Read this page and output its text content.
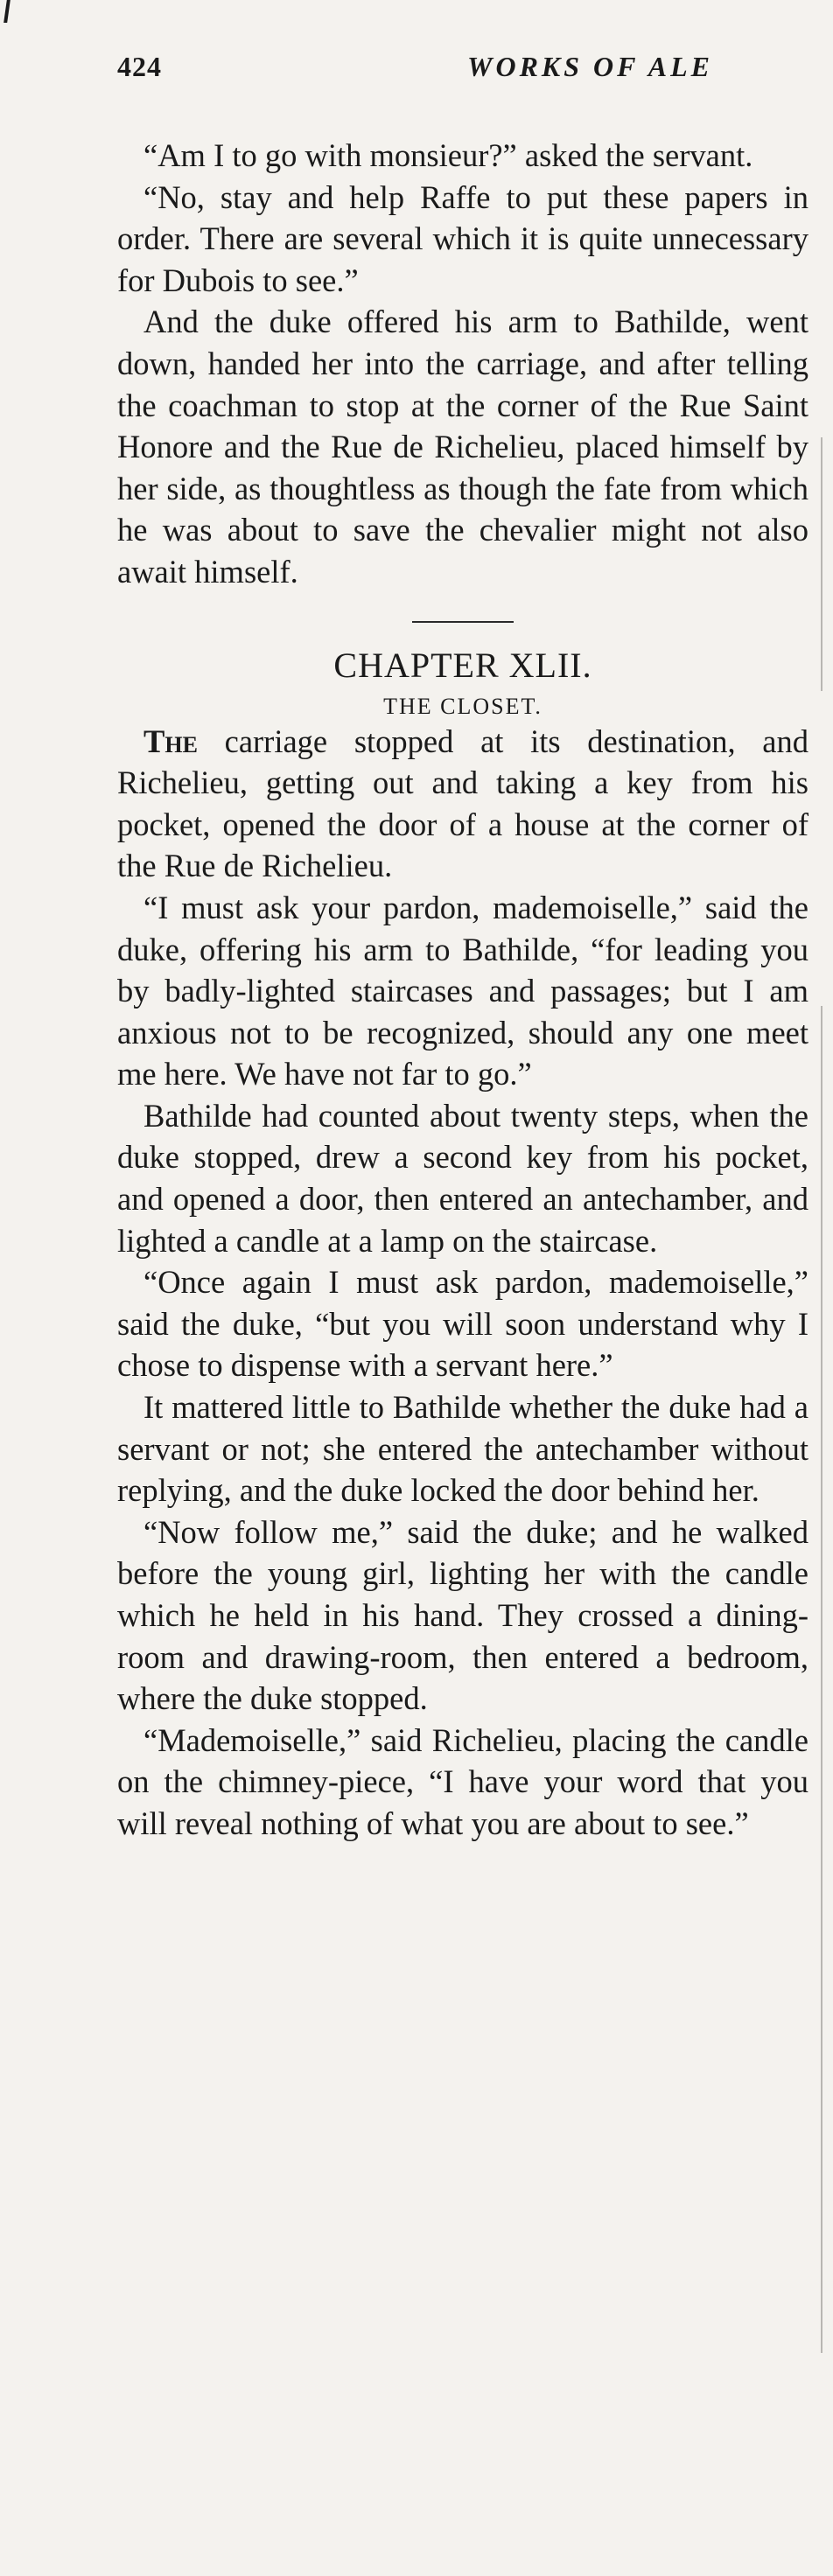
424	WORKS OF ALE

“Am I to go with monsieur?” asked the servant.

“No, stay and help Raffe to put these papers in order. There are several which it is quite unnecessary for Dubois to see.”

And the duke offered his arm to Bathilde, went down, handed her into the carriage, and after telling the coachman to stop at the corner of the Rue Saint Honore and the Rue de Richelieu, placed himself by her side, as thoughtless as though the fate from which he was about to save the chevalier might not also await himself.

CHAPTER XLII.
THE CLOSET.

The carriage stopped at its destination, and Richelieu, getting out and taking a key from his pocket, opened the door of a house at the corner of the Rue de Richelieu.

“I must ask your pardon, mademoiselle,” said the duke, offering his arm to Bathilde, “for leading you by badly-lighted staircases and passages; but I am anxious not to be recognized, should any one meet me here. We have not far to go.”

Bathilde had counted about twenty steps, when the duke stopped, drew a second key from his pocket, and opened a door, then entered an antechamber, and lighted a candle at a lamp on the staircase.

“Once again I must ask pardon, mademoiselle,” said the duke, “but you will soon understand why I chose to dispense with a servant here.”

It mattered little to Bathilde whether the duke had a servant or not; she entered the antechamber without replying, and the duke locked the door behind her.

“Now follow me,” said the duke; and he walked before the young girl, lighting her with the candle which he held in his hand. They crossed a dining-room and drawing-room, then entered a bedroom, where the duke stopped.

“Mademoiselle,” said Richelieu, placing the candle on the chimney-piece, “I have your word that you will reveal nothing of what you are about to see.”
